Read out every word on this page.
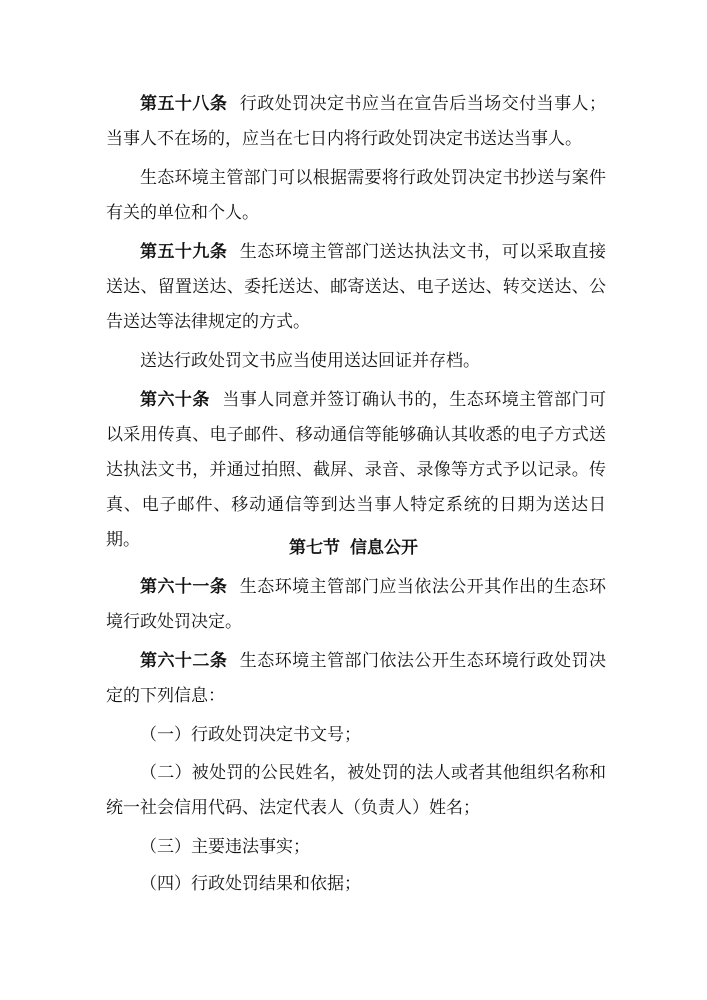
第五十八条 行政处罚决定书应当在宣告后当场交付当事人；当事人不在场的，应当在七日内将行政处罚决定书送达当事人。

生态环境主管部门可以根据需要将行政处罚决定书抄送与案件有关的单位和个人。

第五十九条 生态环境主管部门送达执法文书，可以采取直接送达、留置送达、委托送达、邮寄送达、电子送达、转交送达、公告送达等法律规定的方式。

送达行政处罚文书应当使用送达回证并存档。

第六十条 当事人同意并签订确认书的，生态环境主管部门可以采用传真、电子邮件、移动通信等能够确认其收悉的电子方式送达执法文书，并通过拍照、截屏、录音、录像等方式予以记录。传真、电子邮件、移动通信等到达当事人特定系统的日期为送达日期。	第七节 信息公开

第六十一条 生态环境主管部门应当依法公开其作出的生态环境行政处罚决定。

第六十二条 生态环境主管部门依法公开生态环境行政处罚决定的下列信息：

（一）行政处罚决定书文号；

（二）被处罚的公民姓名，被处罚的法人或者其他组织名称和统一社会信用代码、法定代表人（负责人）姓名；

（三）主要违法事实；

（四）行政处罚结果和依据；
